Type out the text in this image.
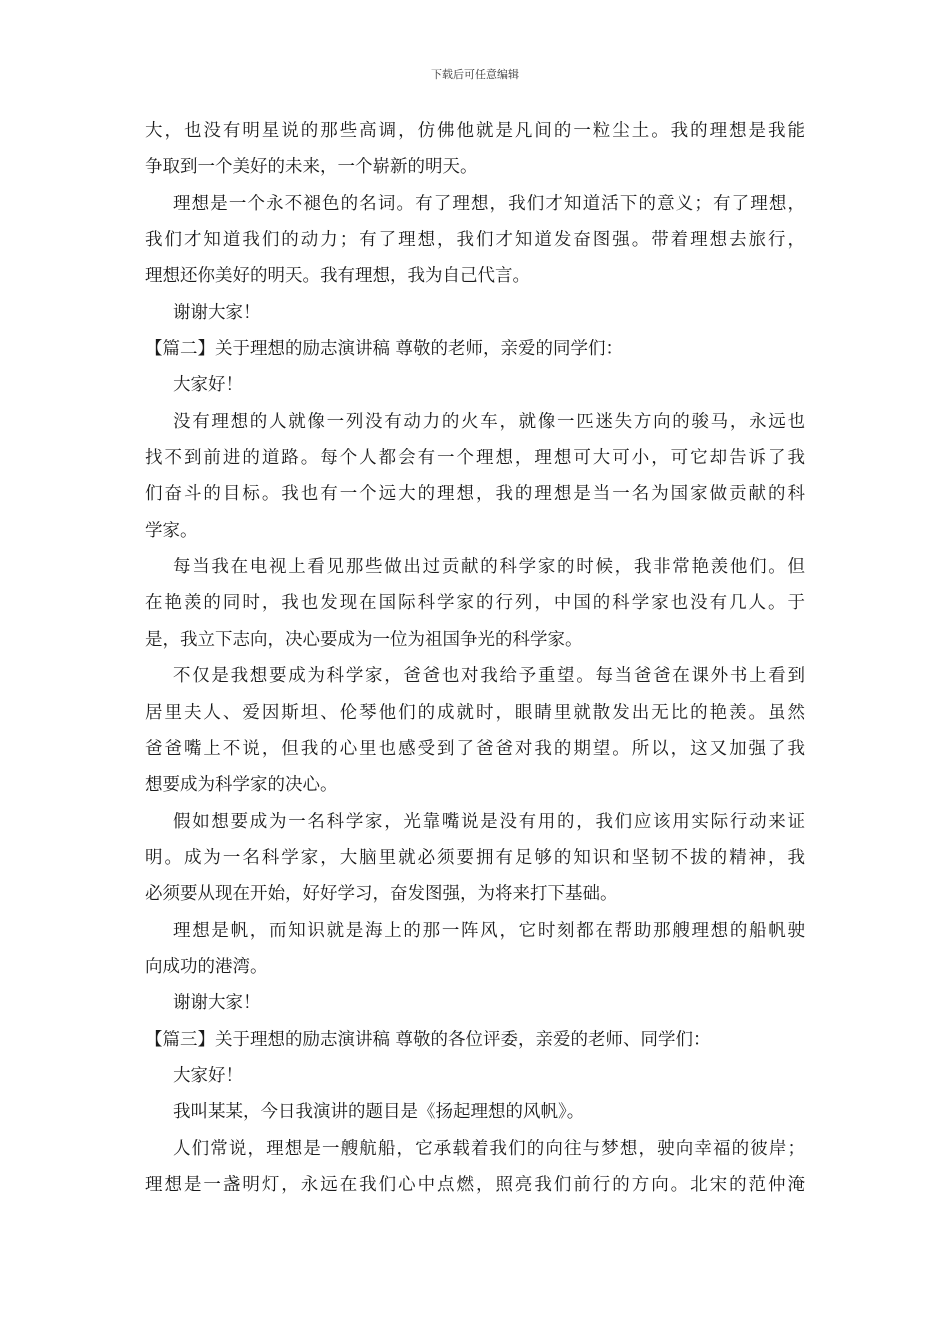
下载后可任意编辑
大，也没有明星说的那些高调，仿佛他就是凡间的一粒尘土。我的理想是我能
争取到一个美好的未来，一个崭新的明天。
理想是一个永不褪色的名词。有了理想，我们才知道活下的意义；有了理想，
我们才知道我们的动力；有了理想，我们才知道发奋图强。带着理想去旅行，
理想还你美好的明天。我有理想，我为自己代言。
谢谢大家！
【篇二】关于理想的励志演讲稿 尊敬的老师，亲爱的同学们：
大家好！
没有理想的人就像一列没有动力的火车，就像一匹迷失方向的骏马，永远也
找不到前进的道路。每个人都会有一个理想，理想可大可小，可它却告诉了我
们奋斗的目标。我也有一个远大的理想，我的理想是当一名为国家做贡献的科
学家。
每当我在电视上看见那些做出过贡献的科学家的时候，我非常艳羡他们。但
在艳羡的同时，我也发现在国际科学家的行列，中国的科学家也没有几人。于
是，我立下志向，决心要成为一位为祖国争光的科学家。
不仅是我想要成为科学家，爸爸也对我给予重望。每当爸爸在课外书上看到
居里夫人、爱因斯坦、伦琴他们的成就时，眼睛里就散发出无比的艳羡。虽然
爸爸嘴上不说，但我的心里也感受到了爸爸对我的期望。所以，这又加强了我
想要成为科学家的决心。
假如想要成为一名科学家，光靠嘴说是没有用的，我们应该用实际行动来证
明。成为一名科学家，大脑里就必须要拥有足够的知识和坚韧不拔的精神，我
必须要从现在开始，好好学习，奋发图强，为将来打下基础。
理想是帆，而知识就是海上的那一阵风，它时刻都在帮助那艘理想的船帆驶
向成功的港湾。
谢谢大家！
【篇三】关于理想的励志演讲稿 尊敬的各位评委，亲爱的老师、同学们：
大家好！
我叫某某，今日我演讲的题目是《扬起理想的风帆》。
人们常说，理想是一艘航船，它承载着我们的向往与梦想，驶向幸福的彼岸；
理想是一盏明灯，永远在我们心中点燃，照亮我们前行的方向。北宋的范仲淹
